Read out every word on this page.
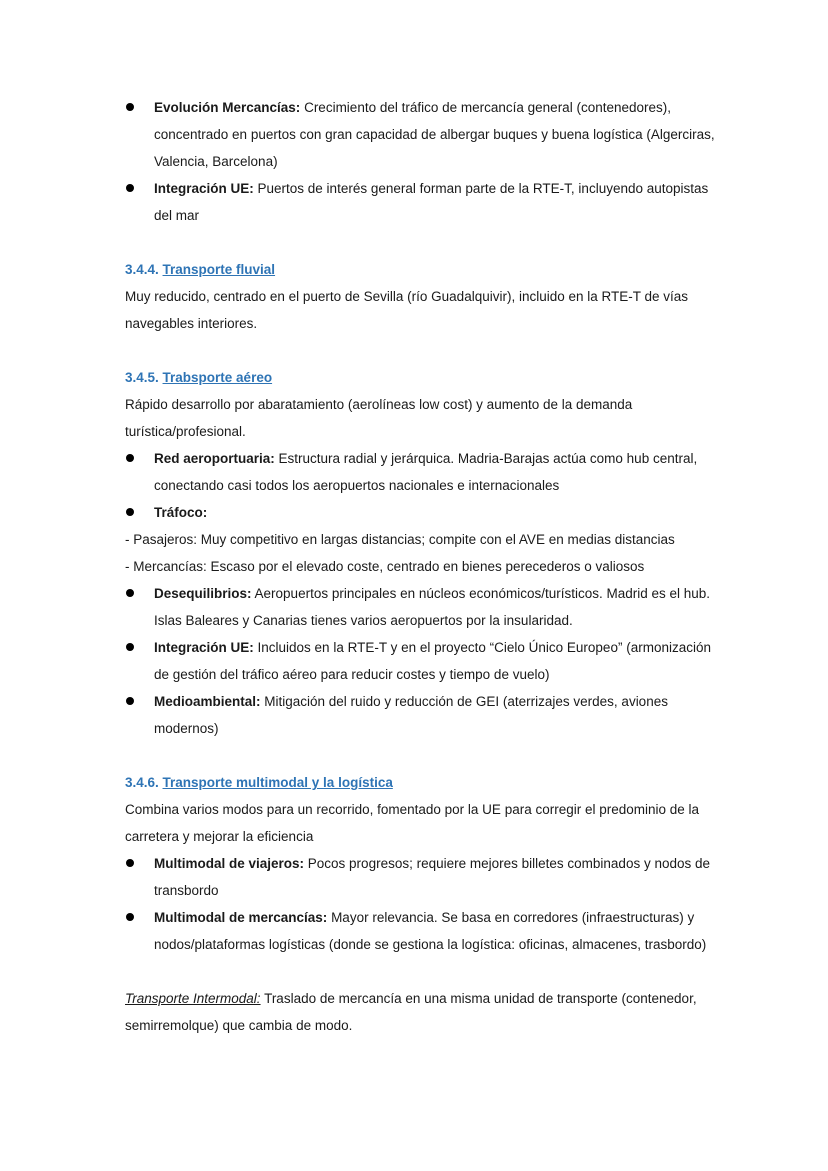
Evolución Mercancías: Crecimiento del tráfico de mercancía general (contenedores), concentrado en puertos con gran capacidad de albergar buques y buena logística (Algerciras, Valencia, Barcelona)
Integración UE: Puertos de interés general forman parte de la RTE-T, incluyendo autopistas del mar
3.4.4. Transporte fluvial
Muy reducido, centrado en el puerto de Sevilla (río Guadalquivir), incluido en la RTE-T de vías navegables interiores.
3.4.5. Trabsporte aéreo
Rápido desarrollo por abaratamiento (aerolíneas low cost) y aumento de la demanda turística/profesional.
Red aeroportuaria: Estructura radial y jerárquica. Madria-Barajas actúa como hub central, conectando casi todos los aeropuertos nacionales e internacionales
Tráfoco:
- Pasajeros: Muy competitivo en largas distancias; compite con el AVE en medias distancias
- Mercancías: Escaso por el elevado coste, centrado en bienes perecederos o valiosos
Desequilibrios: Aeropuertos principales en núcleos económicos/turísticos. Madrid es el hub. Islas Baleares y Canarias tienes varios aeropuertos por la insularidad.
Integración UE: Incluidos en la RTE-T y en el proyecto “Cielo Único Europeo” (armonización de gestión del tráfico aéreo para reducir costes y tiempo de vuelo)
Medioambiental: Mitigación del ruido y reducción de GEI (aterrizajes verdes, aviones modernos)
3.4.6. Transporte multimodal y la logística
Combina varios modos para un recorrido, fomentado por la UE para corregir el predominio de la carretera y mejorar la eficiencia
Multimodal de viajeros: Pocos progresos; requiere mejores billetes combinados y nodos de transbordo
Multimodal de mercancías: Mayor relevancia. Se basa en corredores (infraestructuras) y nodos/plataformas logísticas (donde se gestiona la logística: oficinas, almacenes, trasbordo)
Transporte Intermodal: Traslado de mercancía en una misma unidad de transporte (contenedor, semirremolque) que cambia de modo.
